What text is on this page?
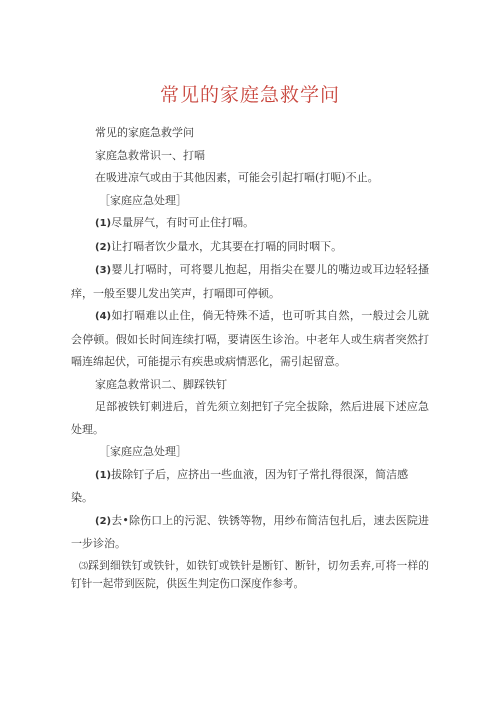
常见的家庭急救学问

常见的家庭急救学问

家庭急救常识一、打嗝

在吸进凉气或由于其他因素，可能会引起打嗝(打呃)不止。

［家庭应急处理］

(1)尽量屏气，有时可止住打嗝。

(2)让打嗝者饮少量水，尤其要在打嗝的同时咽下。

(3)婴儿打嗝时，可将婴儿抱起，用指尖在婴儿的嘴边或耳边轻轻搔痒，一般至婴儿发出笑声，打嗝即可停顿。

(4)如打嗝难以止住，倘无特殊不适，也可听其自然，一般过会儿就会停顿。假如长时间连续打嗝，要请医生诊治。中老年人或生病者突然打嗝连绵起伏，可能提示有疾患或病情恶化，需引起留意。

家庭急救常识二、脚踩铁钉

足部被铁钉刺进后，首先须立刻把钉子完全拔除，然后进展下述应急处理。

［家庭应急处理］

(1)拔除钉子后，应挤出一些血液，因为钉子常扎得很深，简洁感染。

(2)去•除伤口上的污泥、铁锈等物，用纱布简洁包扎后，速去医院进一步诊治。

⑶踩到细铁钉或铁针，如铁钉或铁针是断钉、断针，切勿丢弃,可将一样的钉针一起带到医院，供医生判定伤口深度作参考。
